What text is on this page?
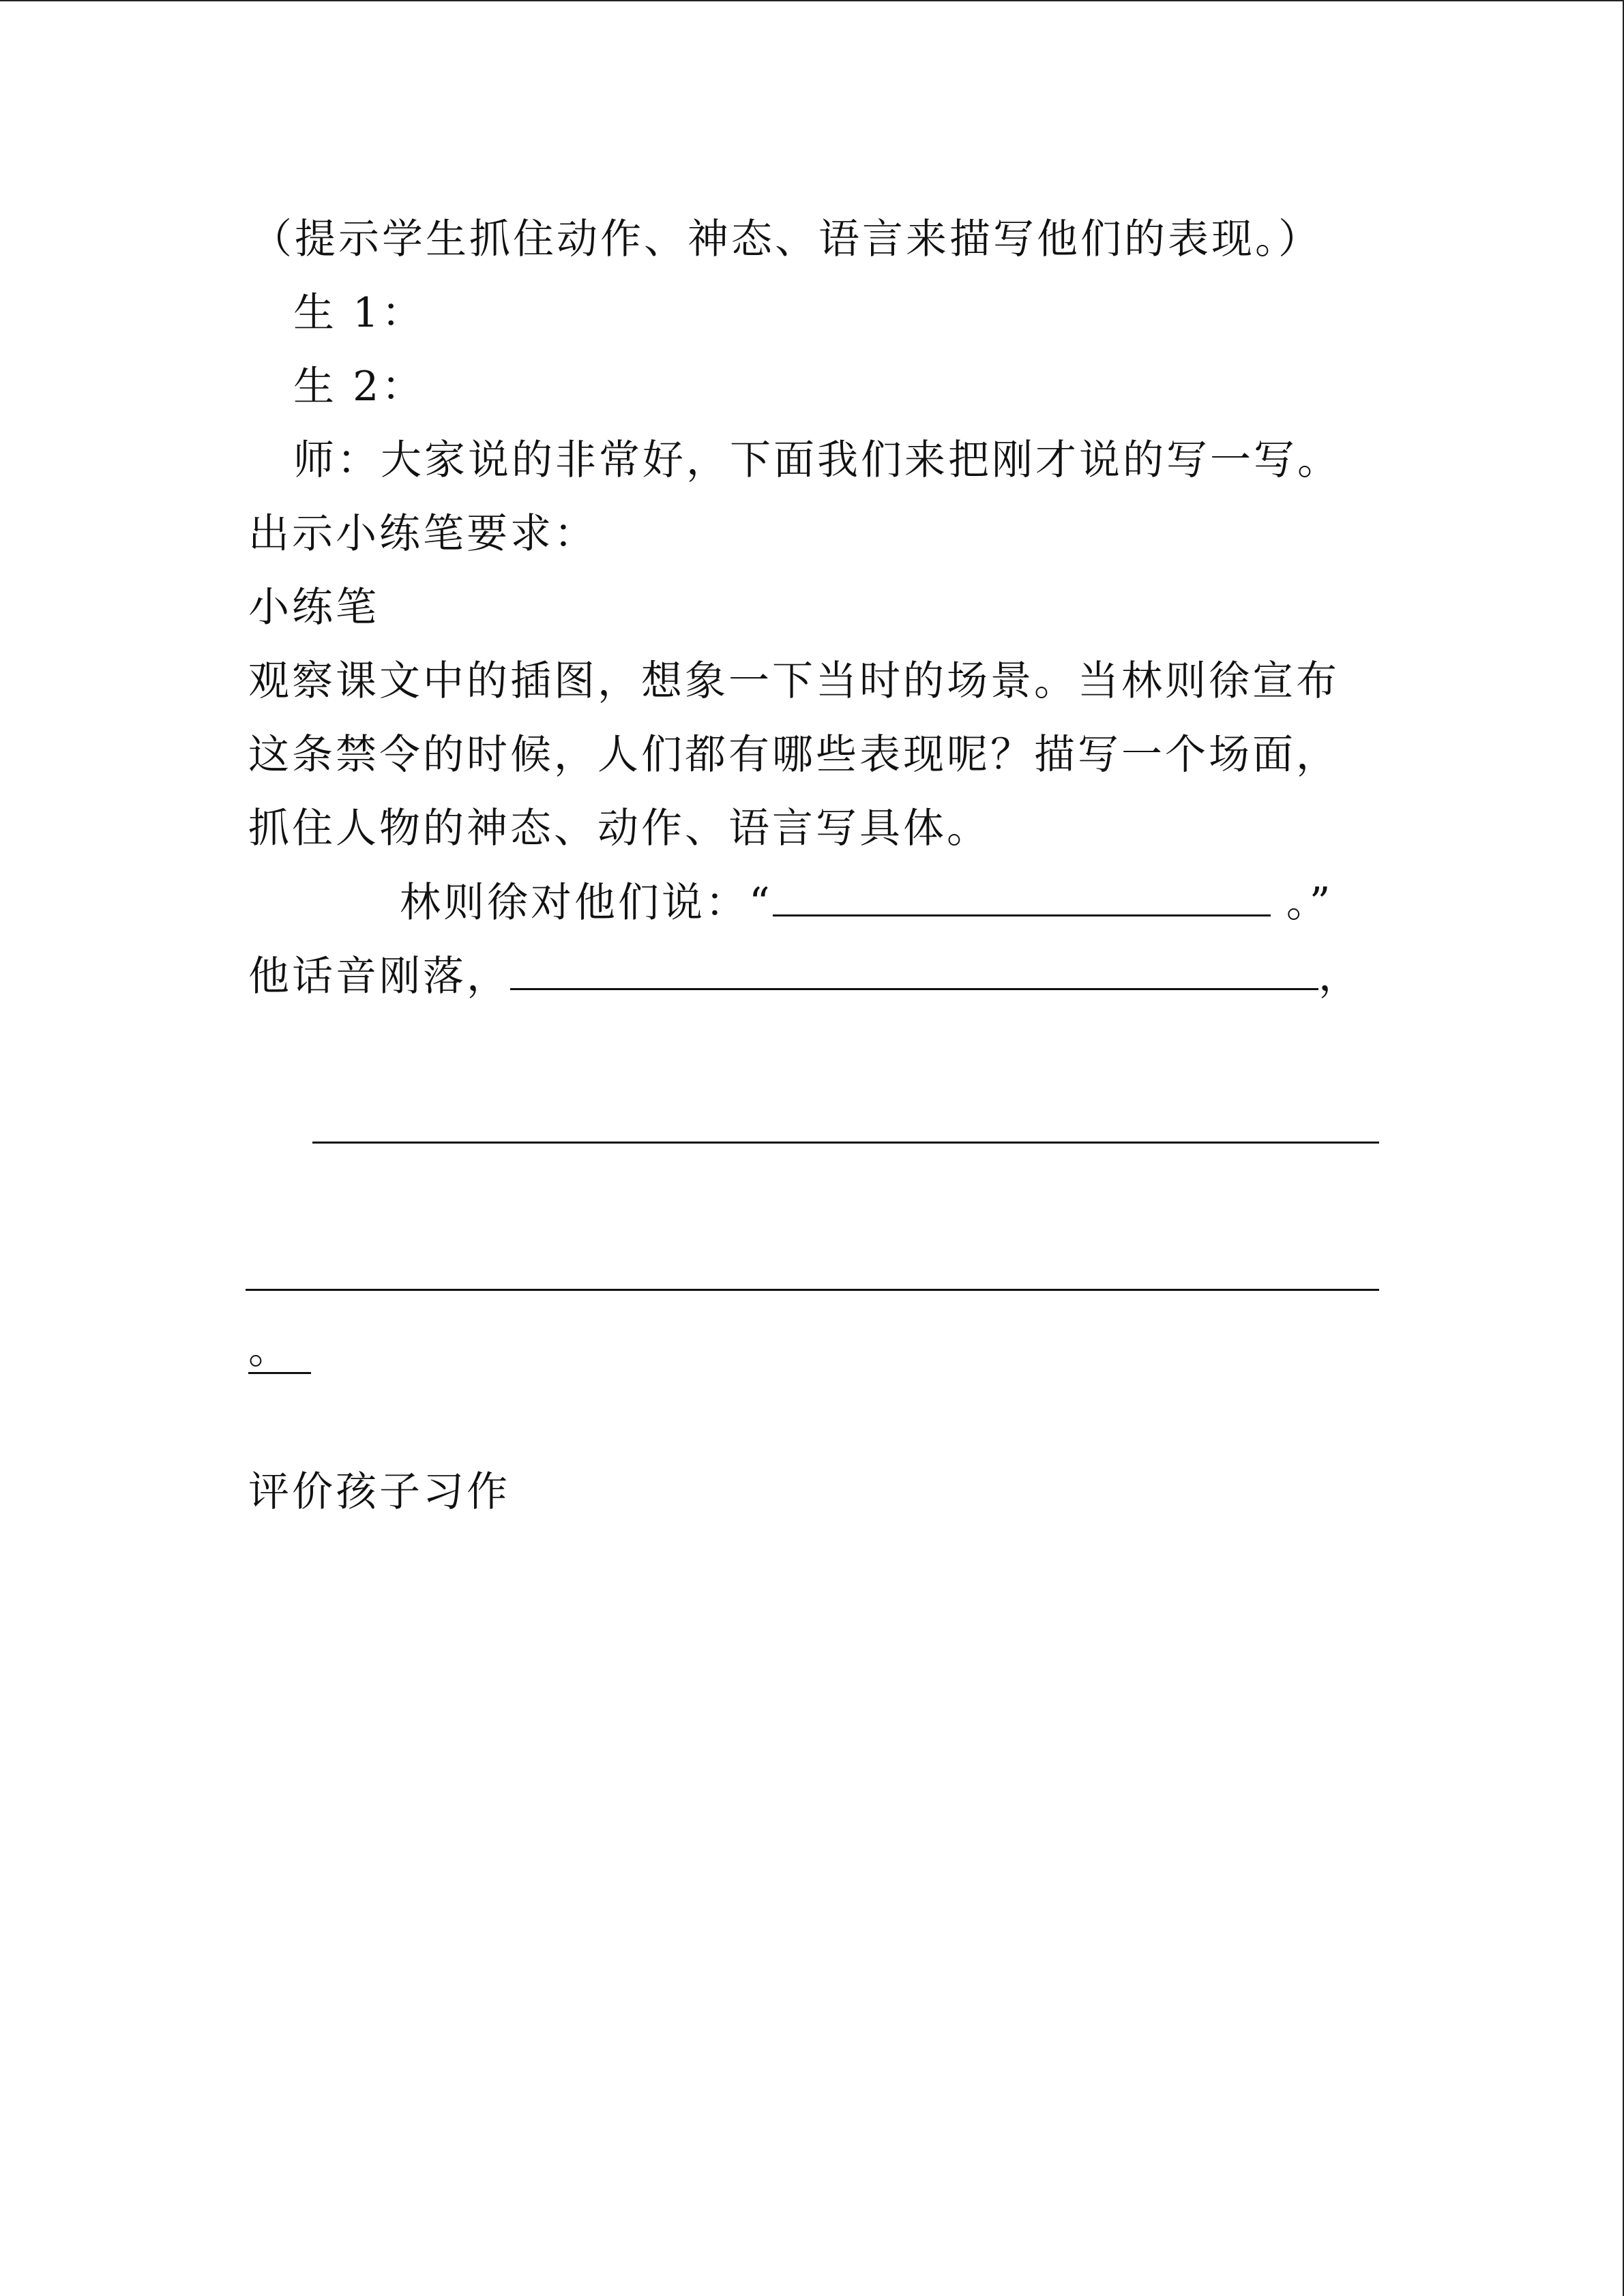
（提示学生抓住动作、神态、语言来描写他们的表现。）
生 1：
生 2：
师：大家说的非常好，下面我们来把刚才说的写一写。
出示小练笔要求：
小练笔
观察课文中的插图，想象一下当时的场景。当林则徐宣布
这条禁令的时候，人们都有哪些表现呢？描写一个场面，
抓住人物的神态、动作、语言写具体。
林则徐对他们说：“	。”
他话音刚落，	，
。
评价孩子习作
